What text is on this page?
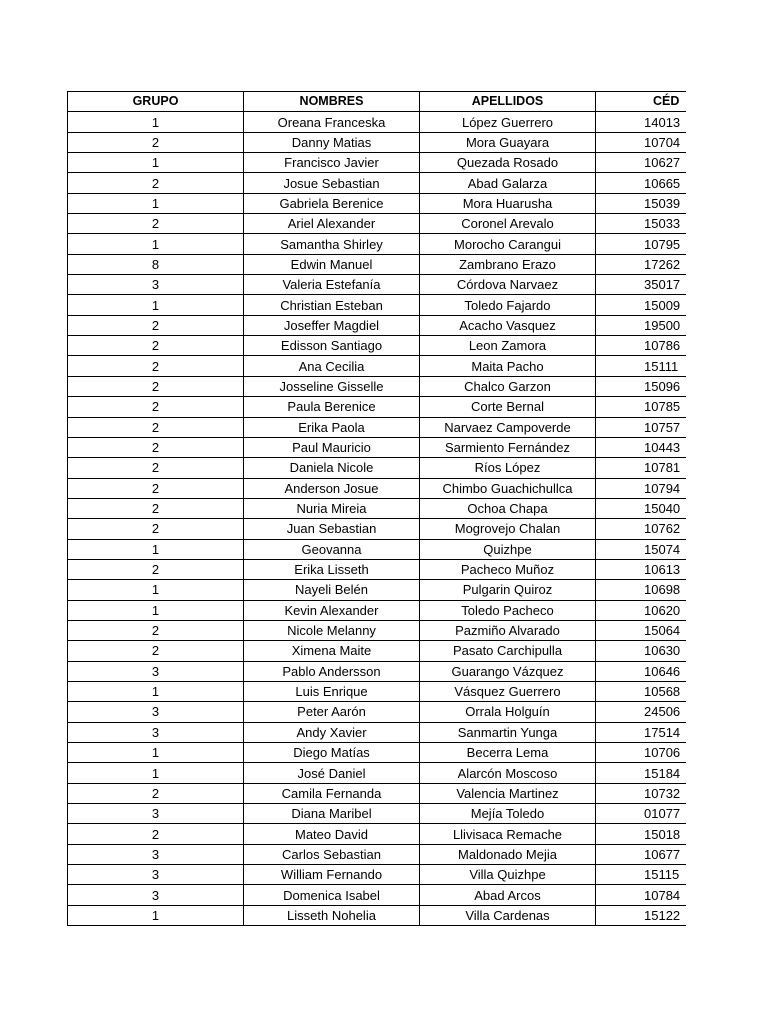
GRUPO	NOMBRES	APELLIDOS	CÉD
1	Oreana Franceska	López Guerrero	14013
2	Danny Matias	Mora Guayara	10704
1	Francisco Javier	Quezada Rosado	10627
2	Josue Sebastian	Abad Galarza	10665
1	Gabriela Berenice	Mora Huarusha	15039
2	Ariel Alexander	Coronel Arevalo	15033
1	Samantha Shirley	Morocho Carangui	10795
8	Edwin Manuel	Zambrano Erazo	17262
3	Valeria Estefanía	Córdova Narvaez	35017
1	Christian Esteban	Toledo Fajardo	15009
2	Joseffer Magdiel	Acacho Vasquez	19500
2	Edisson Santiago	Leon Zamora	10786
2	Ana Cecilia	Maita Pacho	15111
2	Josseline Gisselle	Chalco Garzon	15096
2	Paula Berenice	Corte Bernal	10785
2	Erika Paola	Narvaez Campoverde	10757
2	Paul Mauricio	Sarmiento Fernández	10443
2	Daniela Nicole	Ríos López	10781
2	Anderson Josue	Chimbo Guachichullca	10794
2	Nuria Mireia	Ochoa Chapa	15040
2	Juan Sebastian	Mogrovejo Chalan	10762
1	Geovanna	Quizhpe	15074
2	Erika Lisseth	Pacheco Muñoz	10613
1	Nayeli Belén	Pulgarin Quiroz	10698
1	Kevin Alexander	Toledo Pacheco	10620
2	Nicole Melanny	Pazmiño Alvarado	15064
2	Ximena Maite	Pasato Carchipulla	10630
3	Pablo Andersson	Guarango Vázquez	10646
1	Luis Enrique	Vásquez Guerrero	10568
3	Peter Aarón	Orrala Holguín	24506
3	Andy Xavier	Sanmartin Yunga	17514
1	Diego Matías	Becerra Lema	10706
1	José Daniel	Alarcón Moscoso	15184
2	Camila Fernanda	Valencia Martinez	10732
3	Diana Maribel	Mejía Toledo	01077
2	Mateo David	Llivisaca Remache	15018
3	Carlos Sebastian	Maldonado Mejia	10677
3	William Fernando	Villa Quizhpe	15115
3	Domenica Isabel	Abad Arcos	10784
1	Lisseth Nohelia	Villa Cardenas	15122
